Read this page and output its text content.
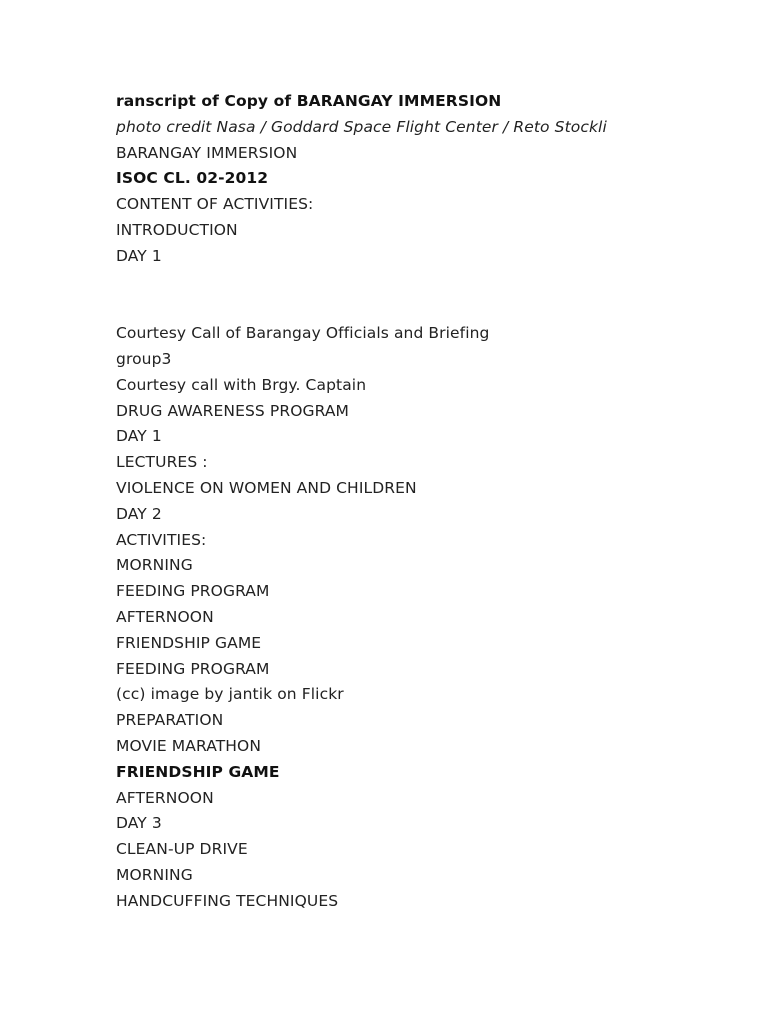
ranscript of Copy of BARANGAY IMMERSION
photo credit Nasa / Goddard Space Flight Center / Reto Stockli
BARANGAY IMMERSION
ISOC CL. 02-2012
CONTENT OF ACTIVITIES:
INTRODUCTION
DAY 1
Courtesy Call of Barangay Officials and Briefing
group3
Courtesy call with Brgy. Captain
DRUG AWARENESS PROGRAM
DAY 1
LECTURES :
VIOLENCE ON WOMEN AND CHILDREN
DAY 2
ACTIVITIES:
MORNING
FEEDING PROGRAM
AFTERNOON
FRIENDSHIP GAME
FEEDING PROGRAM
(cc) image by jantik on Flickr
PREPARATION
MOVIE MARATHON
FRIENDSHIP GAME
AFTERNOON
DAY 3
CLEAN-UP DRIVE
MORNING
HANDCUFFING TECHNIQUES
